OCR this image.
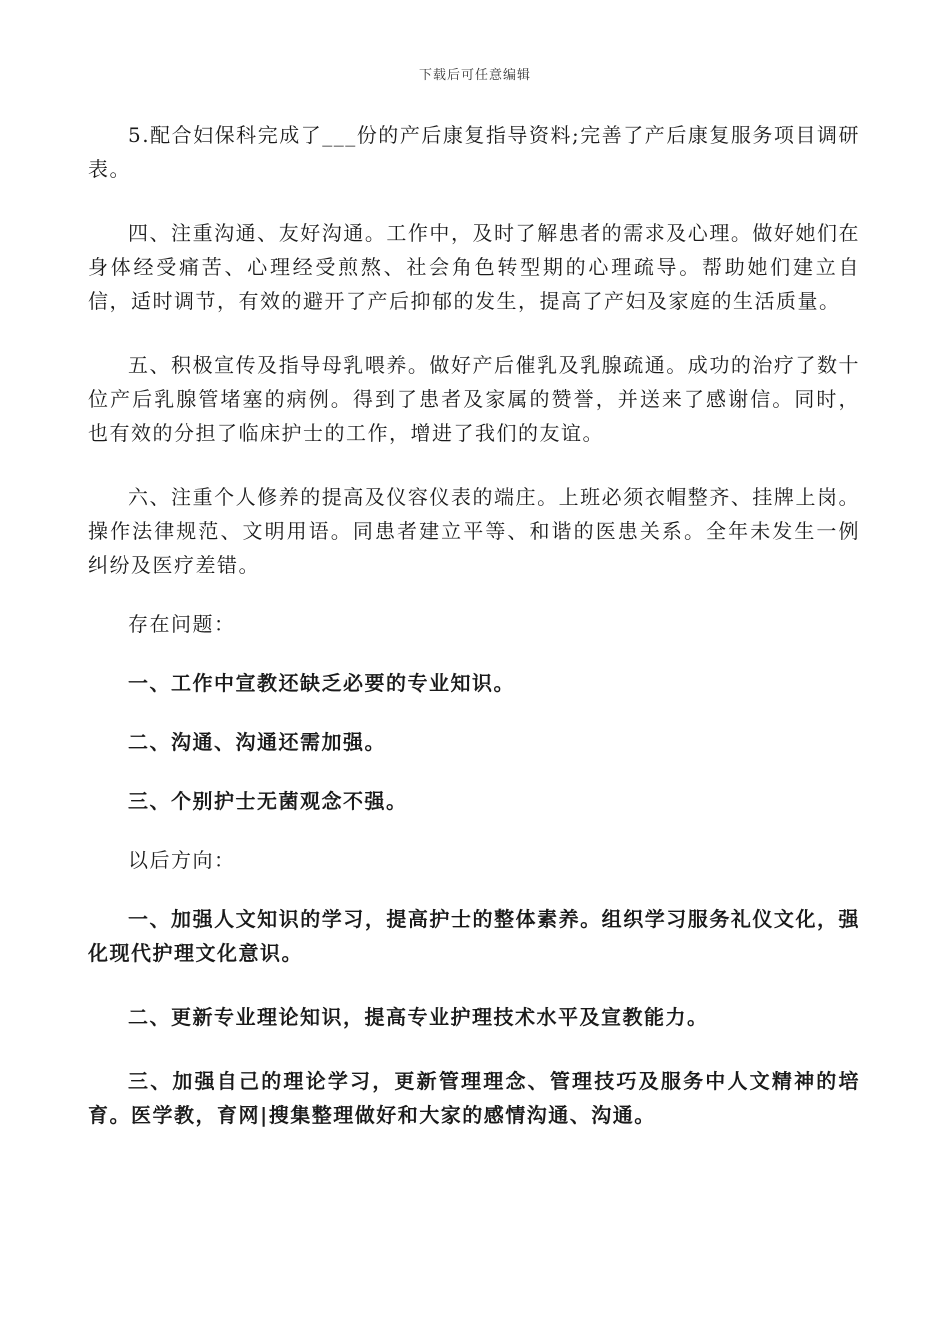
下载后可任意编辑

5.配合妇保科完成了___份的产后康复指导资料;完善了产后康复服务项目调研表。

四、注重沟通、友好沟通。工作中，及时了解患者的需求及心理。做好她们在身体经受痛苦、心理经受煎熬、社会角色转型期的心理疏导。帮助她们建立自信，适时调节，有效的避开了产后抑郁的发生，提高了产妇及家庭的生活质量。

五、积极宣传及指导母乳喂养。做好产后催乳及乳腺疏通。成功的治疗了数十位产后乳腺管堵塞的病例。得到了患者及家属的赞誉，并送来了感谢信。同时，也有效的分担了临床护士的工作，增进了我们的友谊。

六、注重个人修养的提高及仪容仪表的端庄。上班必须衣帽整齐、挂牌上岗。操作法律规范、文明用语。同患者建立平等、和谐的医患关系。全年未发生一例纠纷及医疗差错。

存在问题：

一、工作中宣教还缺乏必要的专业知识。

二、沟通、沟通还需加强。

三、个别护士无菌观念不强。

以后方向：

一、加强人文知识的学习，提高护士的整体素养。组织学习服务礼仪文化，强化现代护理文化意识。

二、更新专业理论知识，提高专业护理技术水平及宣教能力。

三、加强自己的理论学习，更新管理理念、管理技巧及服务中人文精神的培育。医学教，育网|搜集整理做好和大家的感情沟通、沟通。
